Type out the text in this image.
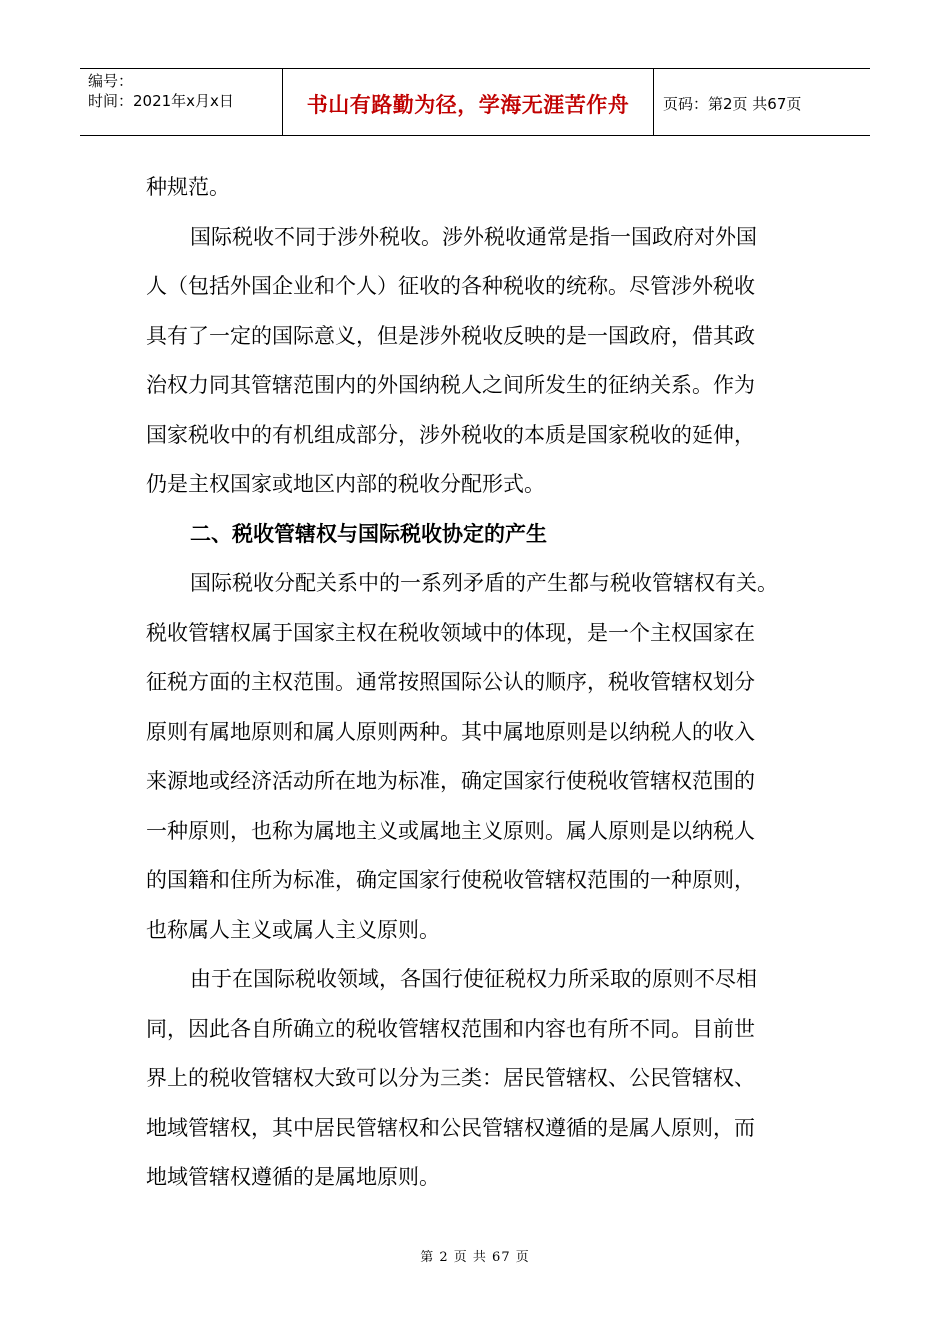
编号：
时间：2021年x月x日	书山有路勤为径，学海无涯苦作舟	页码：第2页 共67页
种规范。
国际税收不同于涉外税收。涉外税收通常是指一国政府对外国
人（包括外国企业和个人）征收的各种税收的统称。尽管涉外税收
具有了一定的国际意义，但是涉外税收反映的是一国政府，借其政
治权力同其管辖范围内的外国纳税人之间所发生的征纳关系。作为
国家税收中的有机组成部分，涉外税收的本质是国家税收的延伸，
仍是主权国家或地区内部的税收分配形式。
二、税收管辖权与国际税收协定的产生
国际税收分配关系中的一系列矛盾的产生都与税收管辖权有关。
税收管辖权属于国家主权在税收领域中的体现，是一个主权国家在
征税方面的主权范围。通常按照国际公认的顺序，税收管辖权划分
原则有属地原则和属人原则两种。其中属地原则是以纳税人的收入
来源地或经济活动所在地为标准，确定国家行使税收管辖权范围的
一种原则，也称为属地主义或属地主义原则。属人原则是以纳税人
的国籍和住所为标准，确定国家行使税收管辖权范围的一种原则，
也称属人主义或属人主义原则。
由于在国际税收领域，各国行使征税权力所采取的原则不尽相
同，因此各自所确立的税收管辖权范围和内容也有所不同。目前世
界上的税收管辖权大致可以分为三类：居民管辖权、公民管辖权、
地域管辖权，其中居民管辖权和公民管辖权遵循的是属人原则，而
地域管辖权遵循的是属地原则。
第 2 页 共 67 页
